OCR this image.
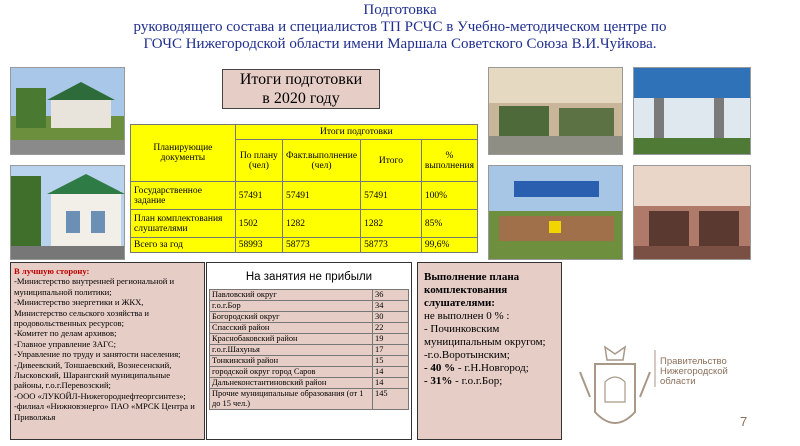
Подготовка
руководящего состава и специалистов ТП РСЧС в Учебно-методическом центре по
ГОЧС Нижегородской области имени Маршала Советского Союза В.И.Чуйкова.
Итоги подготовки
в 2020 году
Планирующие документы	Итоги подготовки			
	По плану (чел)	Факт.выполнение (чел)	Итого	% выполнения
Государственное задание	57491	57491	57491	100%
План комплектования слушателями	1502	1282	1282	85%
Всего за год	58993	58773	58773	99,6%
В лучшую сторону:
-Министерство внутренней региональной и муниципальной политики;
-Министерство энергетики и ЖКХ,
Министерство сельского хозяйства и продовольственных ресурсов;
-Комитет по делам архивов;
-Главное управление ЗАГС;
-Управление по труду и занятости населения;
-Дивеевский, Тоншаевский, Вознесенский, Лысковский, Шарангский муниципальные районы, г.о.г.Перевозский;
-ООО «ЛУКОЙЛ-Нижегороднефтеоргсинтез»;
-филиал «Нижновэнерго» ПАО «МРСК Центра и Приволжья
На занятия не прибыли
Павловский округ	36
г.о.г.Бор	34
Богородский округ	30
Спасский район	22
Краснобаковский район	19
г.о.г.Шахунья	17
Тонкинский район	15
городской округ город Саров	14
Дальнеконстантиновский район	14
Прочие муниципальные образования (от 1 до 15 чел.)	145
Выполнение плана комплектования слушателями:
не выполнен 0 % :
- Починковским муниципальным округом;
-г.о.Воротынским;
- 40 % - г.Н.Новгород;
- 31% - г.о.г.Бор;
Правительство
Нижегородской
области
7
